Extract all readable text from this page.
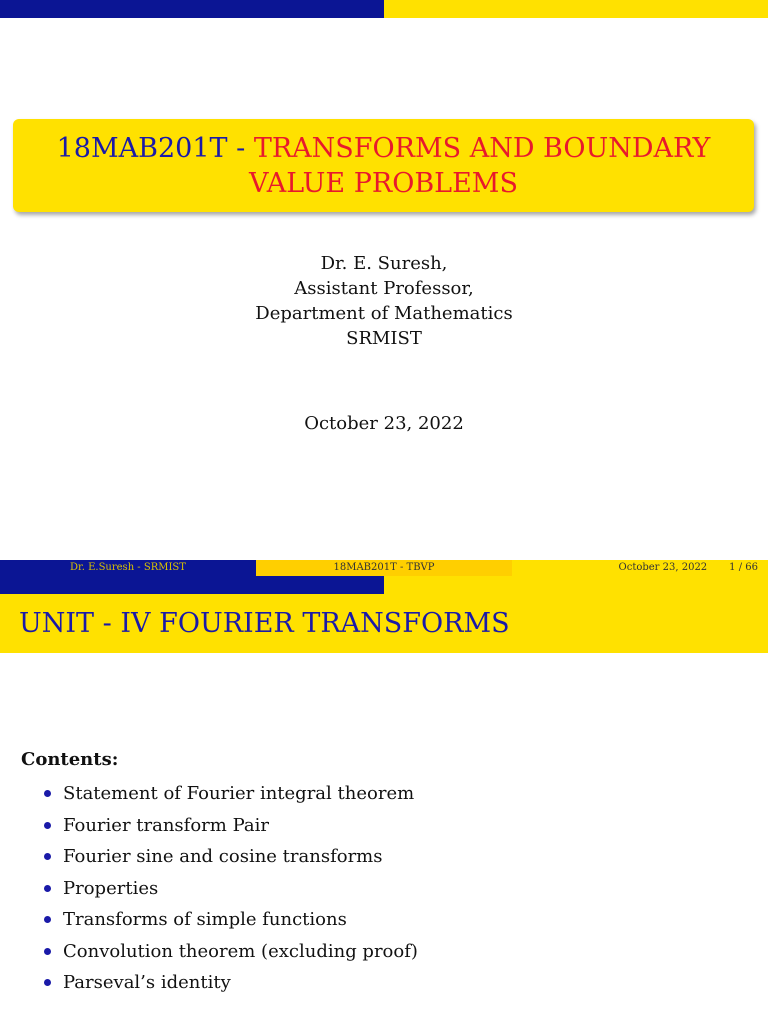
18MAB201T - TRANSFORMS AND BOUNDARY VALUE PROBLEMS
Dr. E. Suresh,
Assistant Professor,
Department of Mathematics
SRMIST
October 23, 2022
Dr. E.Suresh - SRMIST	18MAB201T - TBVP	October 23, 2022 1 / 66
UNIT - IV FOURIER TRANSFORMS
Contents:
Statement of Fourier integral theorem
Fourier transform Pair
Fourier sine and cosine transforms
Properties
Transforms of simple functions
Convolution theorem (excluding proof)
Parseval’s identity
